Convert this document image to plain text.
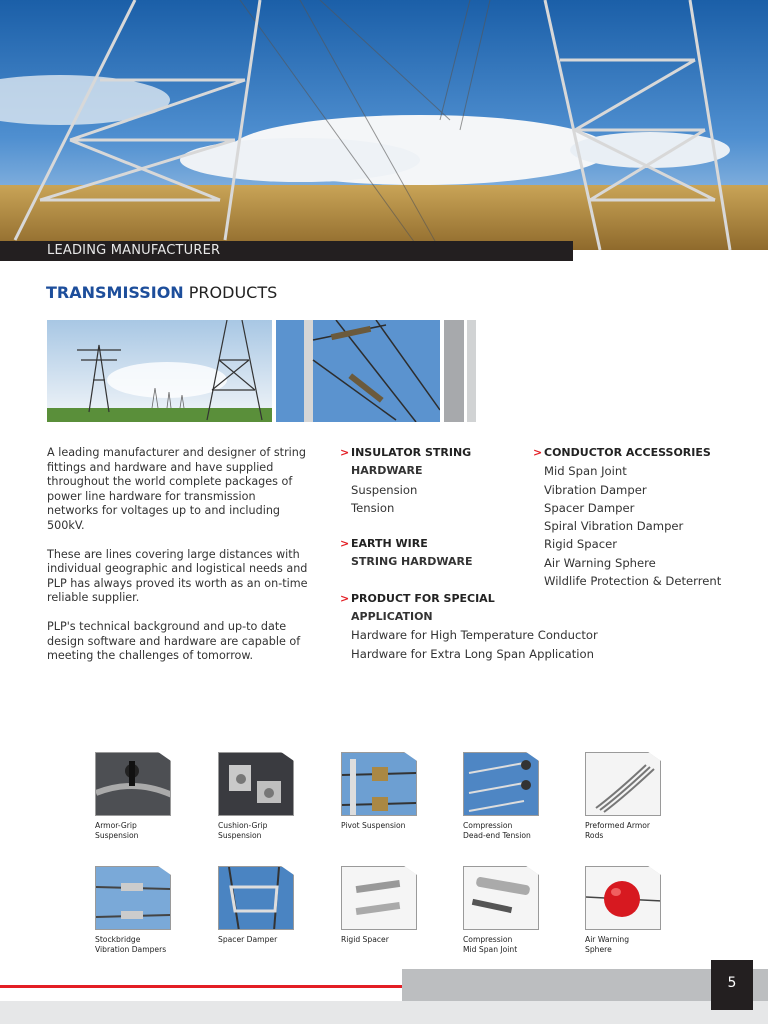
LEADING MANUFACTURER
TRANSMISSION PRODUCTS

A leading manufacturer and designer of string fittings and hardware and have supplied throughout the world complete packages of power line hardware for transmission networks for voltages up to and including 500kV.

These are lines covering large distances with individual geographic and logistical needs and PLP has always proved its worth as an on-time reliable supplier.

PLP's technical background and up-to date design software and hardware are capable of meeting the challenges of tomorrow.

> INSULATOR STRING
HARDWARE
Suspension
Tension
> EARTH WIRE
STRING HARDWARE
> PRODUCT FOR SPECIAL
APPLICATION
Hardware for High Temperature Conductor
Hardware for Extra Long Span Application
> CONDUCTOR ACCESSORIES
Mid Span Joint
Vibration Damper
Spacer Damper
Spiral Vibration Damper
Rigid Spacer
Air Warning Sphere
Wildlife Protection & Deterrent
Armor-Grip
Suspension
Cushion-Grip
Suspension
Pivot Suspension	Compression
Dead-end Tension
Preformed Armor
Rods
Stockbridge
Vibration Dampers
Spacer Damper	Rigid Spacer	Compression
Mid Span Joint
Air Warning
Sphere
5
